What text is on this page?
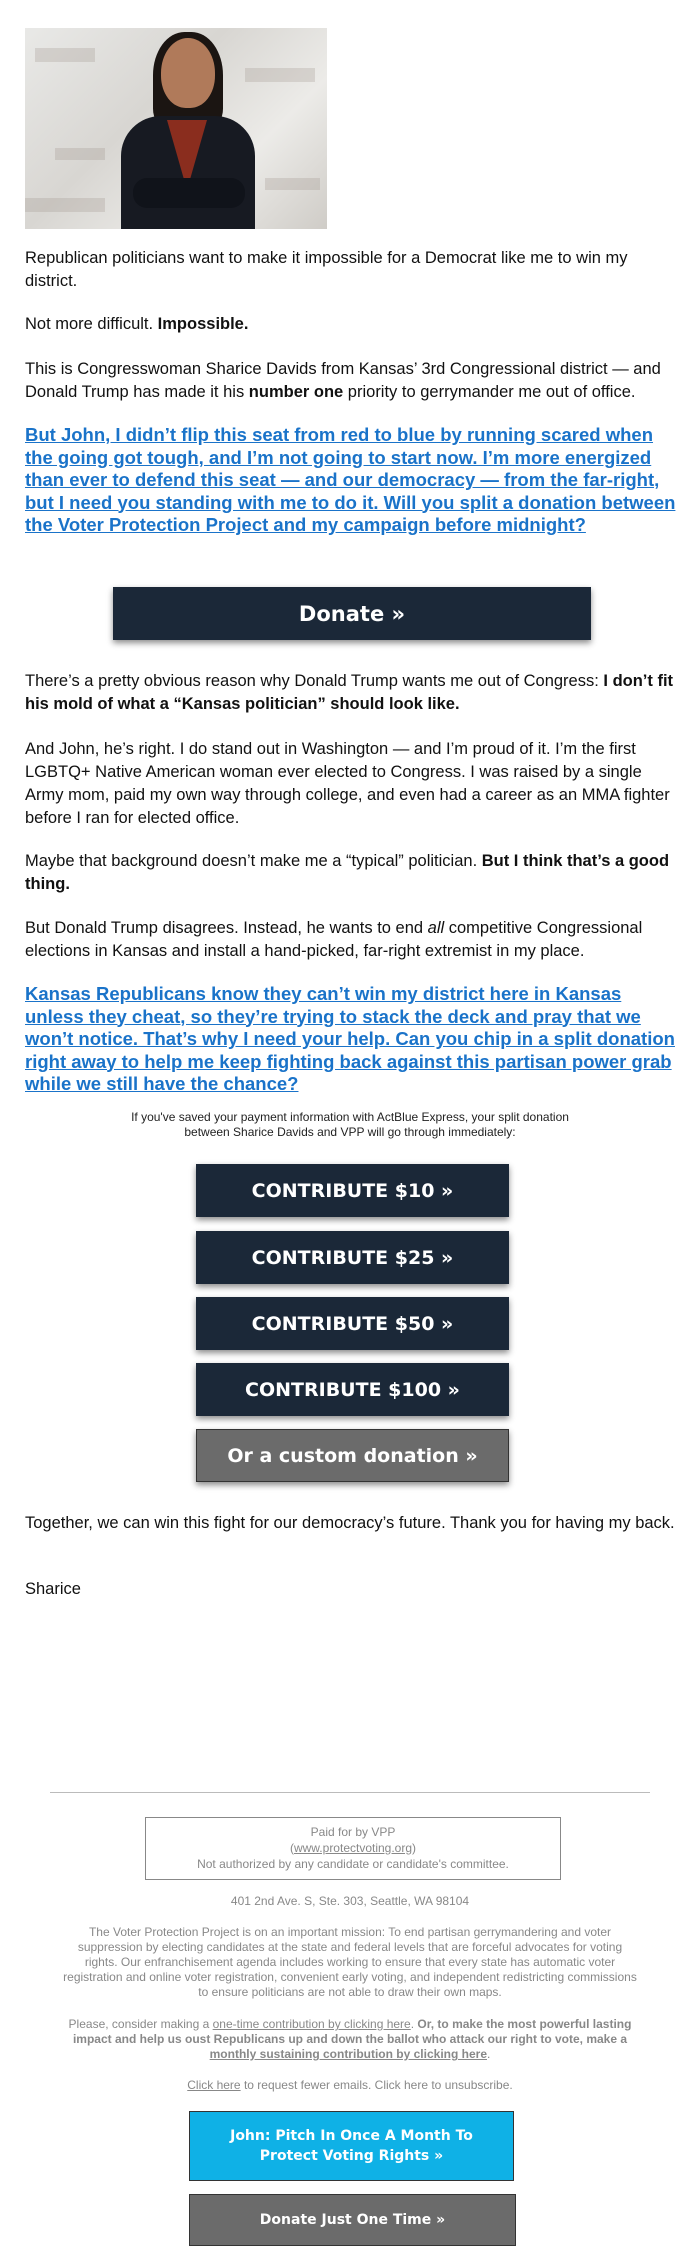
Republican politicians want to make it impossible for a Democrat like me to win my district.

Not more difficult. Impossible.

This is Congresswoman Sharice Davids from Kansas’ 3rd Congressional district — and Donald Trump has made it his number one priority to gerrymander me out of office.

But John, I didn’t flip this seat from red to blue by running scared when the going got tough, and I’m not going to start now. I’m more energized than ever to defend this seat — and our democracy — from the far-right, but I need you standing with me to do it. Will you split a donation between the Voter Protection Project and my campaign before midnight?

Donate »

There’s a pretty obvious reason why Donald Trump wants me out of Congress: I don’t fit his mold of what a “Kansas politician” should look like.

And John, he’s right. I do stand out in Washington — and I’m proud of it. I’m the first LGBTQ+ Native American woman ever elected to Congress. I was raised by a single Army mom, paid my own way through college, and even had a career as an MMA fighter before I ran for elected office.

Maybe that background doesn’t make me a “typical” politician. But I think that’s a good thing.

But Donald Trump disagrees. Instead, he wants to end all competitive Congressional elections in Kansas and install a hand-picked, far-right extremist in my place.

Kansas Republicans know they can’t win my district here in Kansas unless they cheat, so they’re trying to stack the deck and pray that we won’t notice. That’s why I need your help. Can you chip in a split donation right away to help me keep fighting back against this partisan power grab while we still have the chance?

If you've saved your payment information with ActBlue Express, your split donation between Sharice Davids and VPP will go through immediately:
CONTRIBUTE $10 »
CONTRIBUTE $25 »
CONTRIBUTE $50 »
CONTRIBUTE $100 »
Or a custom donation »

Together, we can win this fight for our democracy’s future. Thank you for having my back.

Sharice

Paid for by VPP
(www.protectvoting.org)
Not authorized by any candidate or candidate's committee.
401 2nd Ave. S, Ste. 303, Seattle, WA 98104
The Voter Protection Project is on an important mission: To end partisan gerrymandering and voter suppression by electing candidates at the state and federal levels that are forceful advocates for voting rights. Our enfranchisement agenda includes working to ensure that every state has automatic voter registration and online voter registration, convenient early voting, and independent redistricting commissions to ensure politicians are not able to draw their own maps.
Please, consider making a one-time contribution by clicking here. Or, to make the most powerful lasting impact and help us oust Republicans up and down the ballot who attack our right to vote, make a monthly sustaining contribution by clicking here.
Click here to request fewer emails. Click here to unsubscribe.
John: Pitch In Once A Month To Protect Voting Rights »
Donate Just One Time »
